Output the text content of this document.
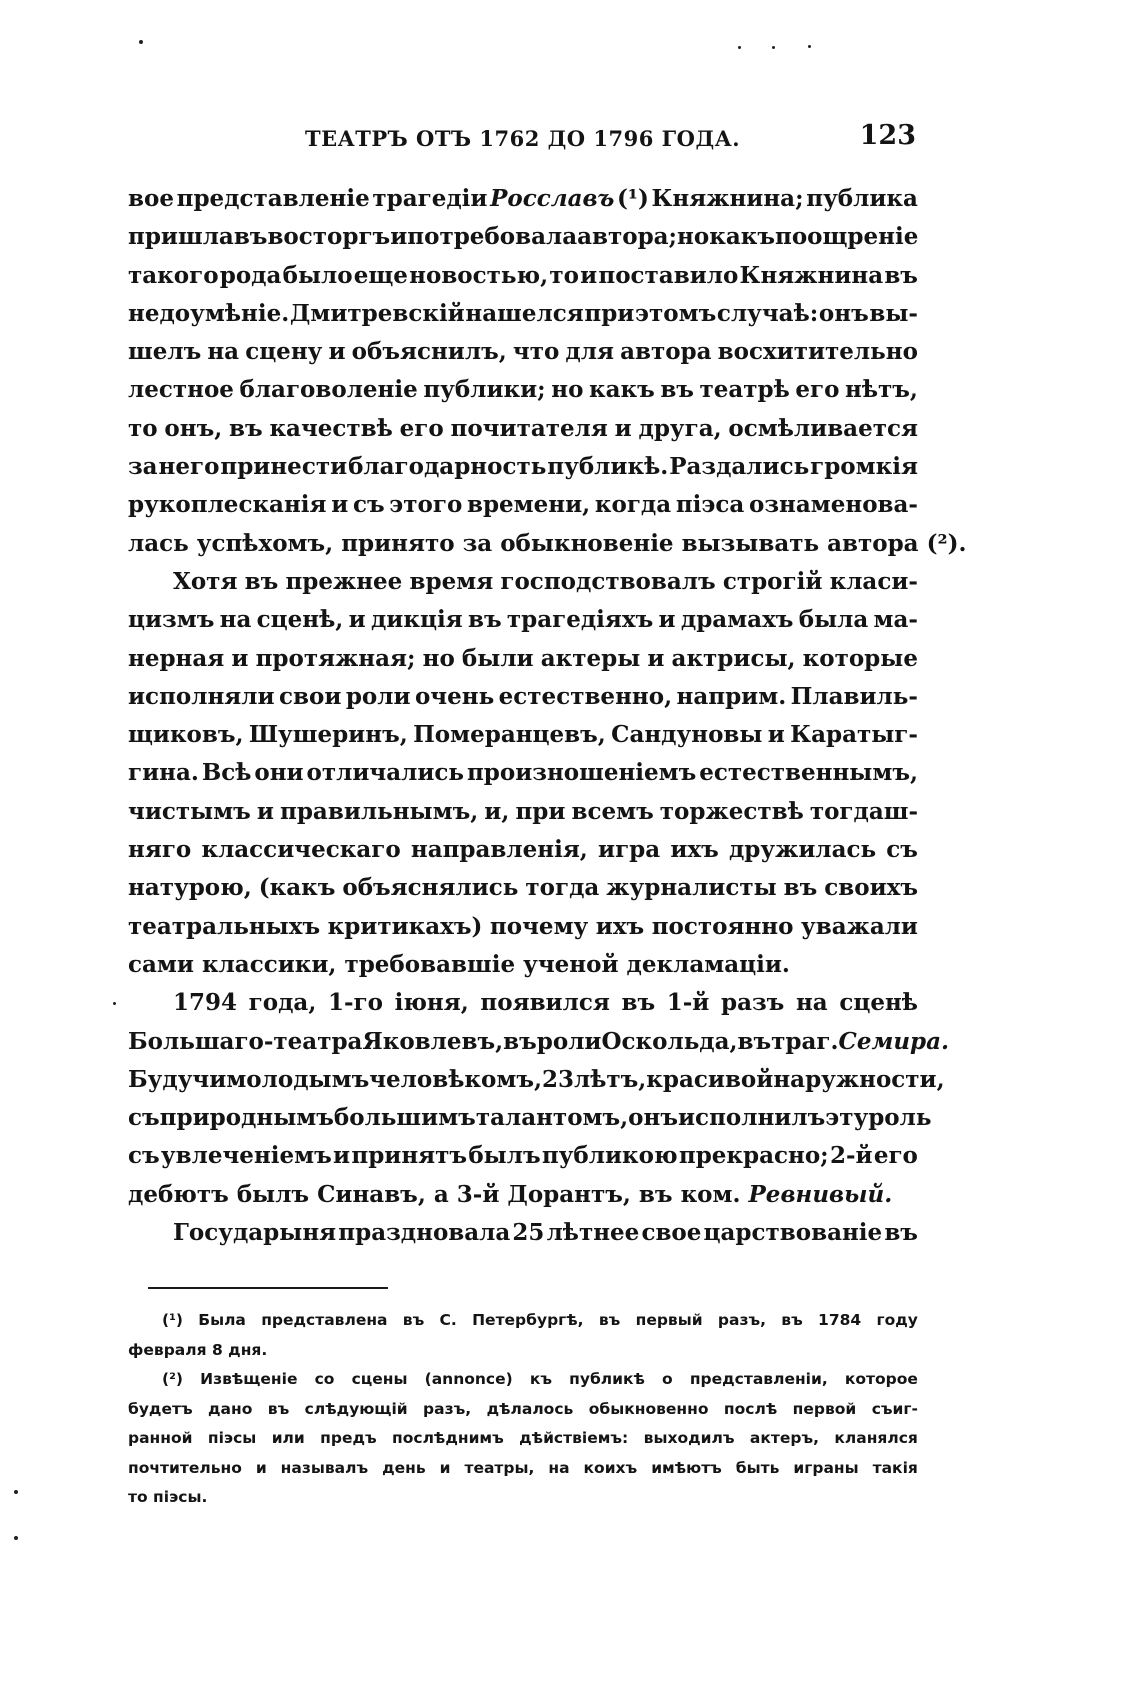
ТЕАТРЪ ОТЪ 1762 ДО 1796 ГОДА.	123
вое представленіе трагедіи Росславъ (¹) Княжнина; публика
пришла въ восторгъ и потребовала автора; но какъ поощреніе
такого рода было еще новостью, то и поставило Княжнина въ
недоумѣніе. Дмитревскій нашелся при этомъ случаѣ: онъ вы-
шелъ на сцену и объяснилъ, что для автора восхитительно
лестное благоволеніе публики; но какъ въ театрѣ его нѣтъ,
то онъ, въ качествѣ его почитателя и друга, осмѣливается
за него принести благодарность публикѣ. Раздались громкія
рукоплесканія и съ этого времени, когда піэса ознаменова-
лась
успѣхомъ,
принято
за
обыкновеніе
вызывать
автора
(²).
Хотя въ прежнее время господствовалъ строгій класи-
цизмъ на сценѣ, и дикція въ трагедіяхъ и драмахъ была ма-
нерная и протяжная; но были актеры и актрисы, которые
исполняли свои роли очень естественно, наприм. Плавиль-
щиковъ, Шушеринъ, Померанцевъ, Сандуновы и Каратыг-
гина. Всѣ они отличались произношеніемъ естественнымъ,
чистымъ и правильнымъ, и, при всемъ торжествѣ тогдаш-
няго классическаго направленія, игра ихъ дружилась съ
натурою, (какъ объяснялись тогда журналисты въ своихъ
театральныхъ критикахъ) почему ихъ постоянно уважали
сами
классики,
требовавшіе
ученой
декламаціи.
1794 года, 1-го іюня, появился въ 1-й разъ на сценѣ
Большаго-театра Яковлевъ, въ роли Оскольда, въ траг. Семира.
Будучи молодымъ человѣкомъ, 23 лѣтъ, красивой наружности,
съ природнымъ большимъ талантомъ, онъ исполнилъ эту роль
съ увлеченіемъ и принятъ былъ публикою прекрасно; 2-й его
дебютъ
былъ
Синавъ,
а
3-й
Дорантъ,
въ
ком.
Ревнивый.
Государыня праздновала 25 лѣтнее свое царствованіе въ
(¹) Была представлена въ С. Петербургѣ, въ первый разъ, въ 1784 году
февраля
8
дня.
(²) Извѣщеніе со сцены (annonce) къ публикѣ о представленіи, которое
будетъ дано въ слѣдующій разъ, дѣлалось обыкновенно послѣ первой съиг-
ранной піэсы или предъ послѣднимъ дѣйствіемъ: выходилъ актеръ, кланялся
почтительно и называлъ день и театры, на коихъ имѣютъ быть играны такія
то
піэсы.
